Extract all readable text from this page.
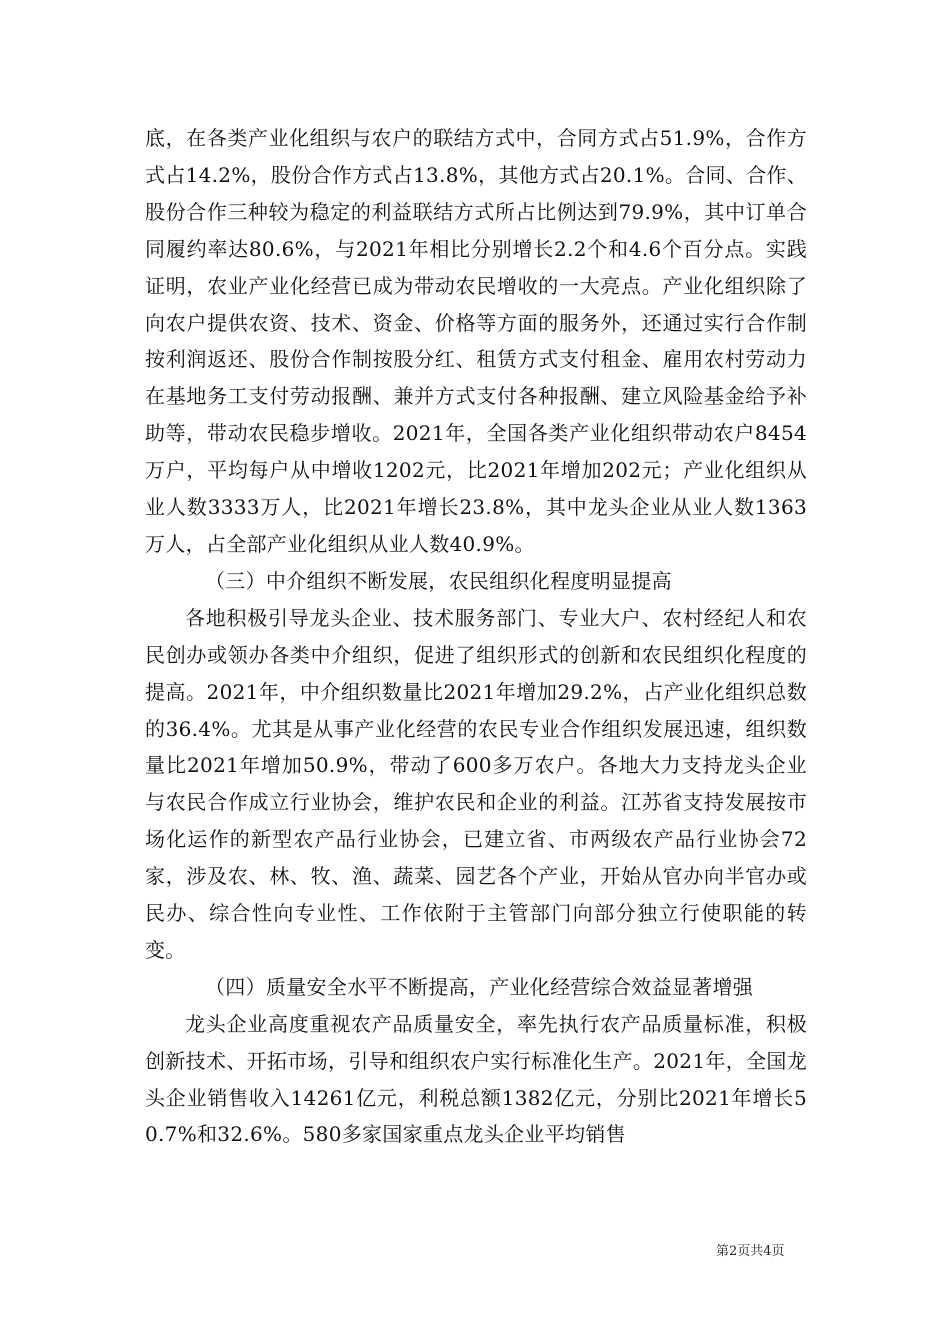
底，在各类产业化组织与农户的联结方式中，合同方式占51.9%，合作方式占14.2%，股份合作方式占13.8%，其他方式占20.1%。合同、合作、股份合作三种较为稳定的利益联结方式所占比例达到79.9%，其中订单合同履约率达80.6%，与2021年相比分别增长2.2个和4.6个百分点。实践证明，农业产业化经营已成为带动农民增收的一大亮点。产业化组织除了向农户提供农资、技术、资金、价格等方面的服务外，还通过实行合作制按利润返还、股份合作制按股分红、租赁方式支付租金、雇用农村劳动力在基地务工支付劳动报酬、兼并方式支付各种报酬、建立风险基金给予补助等，带动农民稳步增收。2021年，全国各类产业化组织带动农户8454万户，平均每户从中增收1202元，比2021年增加202元；产业化组织从业人数3333万人，比2021年增长23.8%，其中龙头企业从业人数1363万人，占全部产业化组织从业人数40.9%。

（三）中介组织不断发展，农民组织化程度明显提高

各地积极引导龙头企业、技术服务部门、专业大户、农村经纪人和农民创办或领办各类中介组织，促进了组织形式的创新和农民组织化程度的提高。2021年，中介组织数量比2021年增加29.2%，占产业化组织总数的36.4%。尤其是从事产业化经营的农民专业合作组织发展迅速，组织数量比2021年增加50.9%，带动了600多万农户。各地大力支持龙头企业与农民合作成立行业协会，维护农民和企业的利益。江苏省支持发展按市场化运作的新型农产品行业协会，已建立省、市两级农产品行业协会72家，涉及农、林、牧、渔、蔬菜、园艺各个产业，开始从官办向半官办或民办、综合性向专业性、工作依附于主管部门向部分独立行使职能的转变。

（四）质量安全水平不断提高，产业化经营综合效益显著增强

龙头企业高度重视农产品质量安全，率先执行农产品质量标准，积极创新技术、开拓市场，引导和组织农户实行标准化生产。2021年，全国龙头企业销售收入14261亿元，利税总额1382亿元，分别比2021年增长50.7%和32.6%。580多家国家重点龙头企业平均销售

第2页共4页
